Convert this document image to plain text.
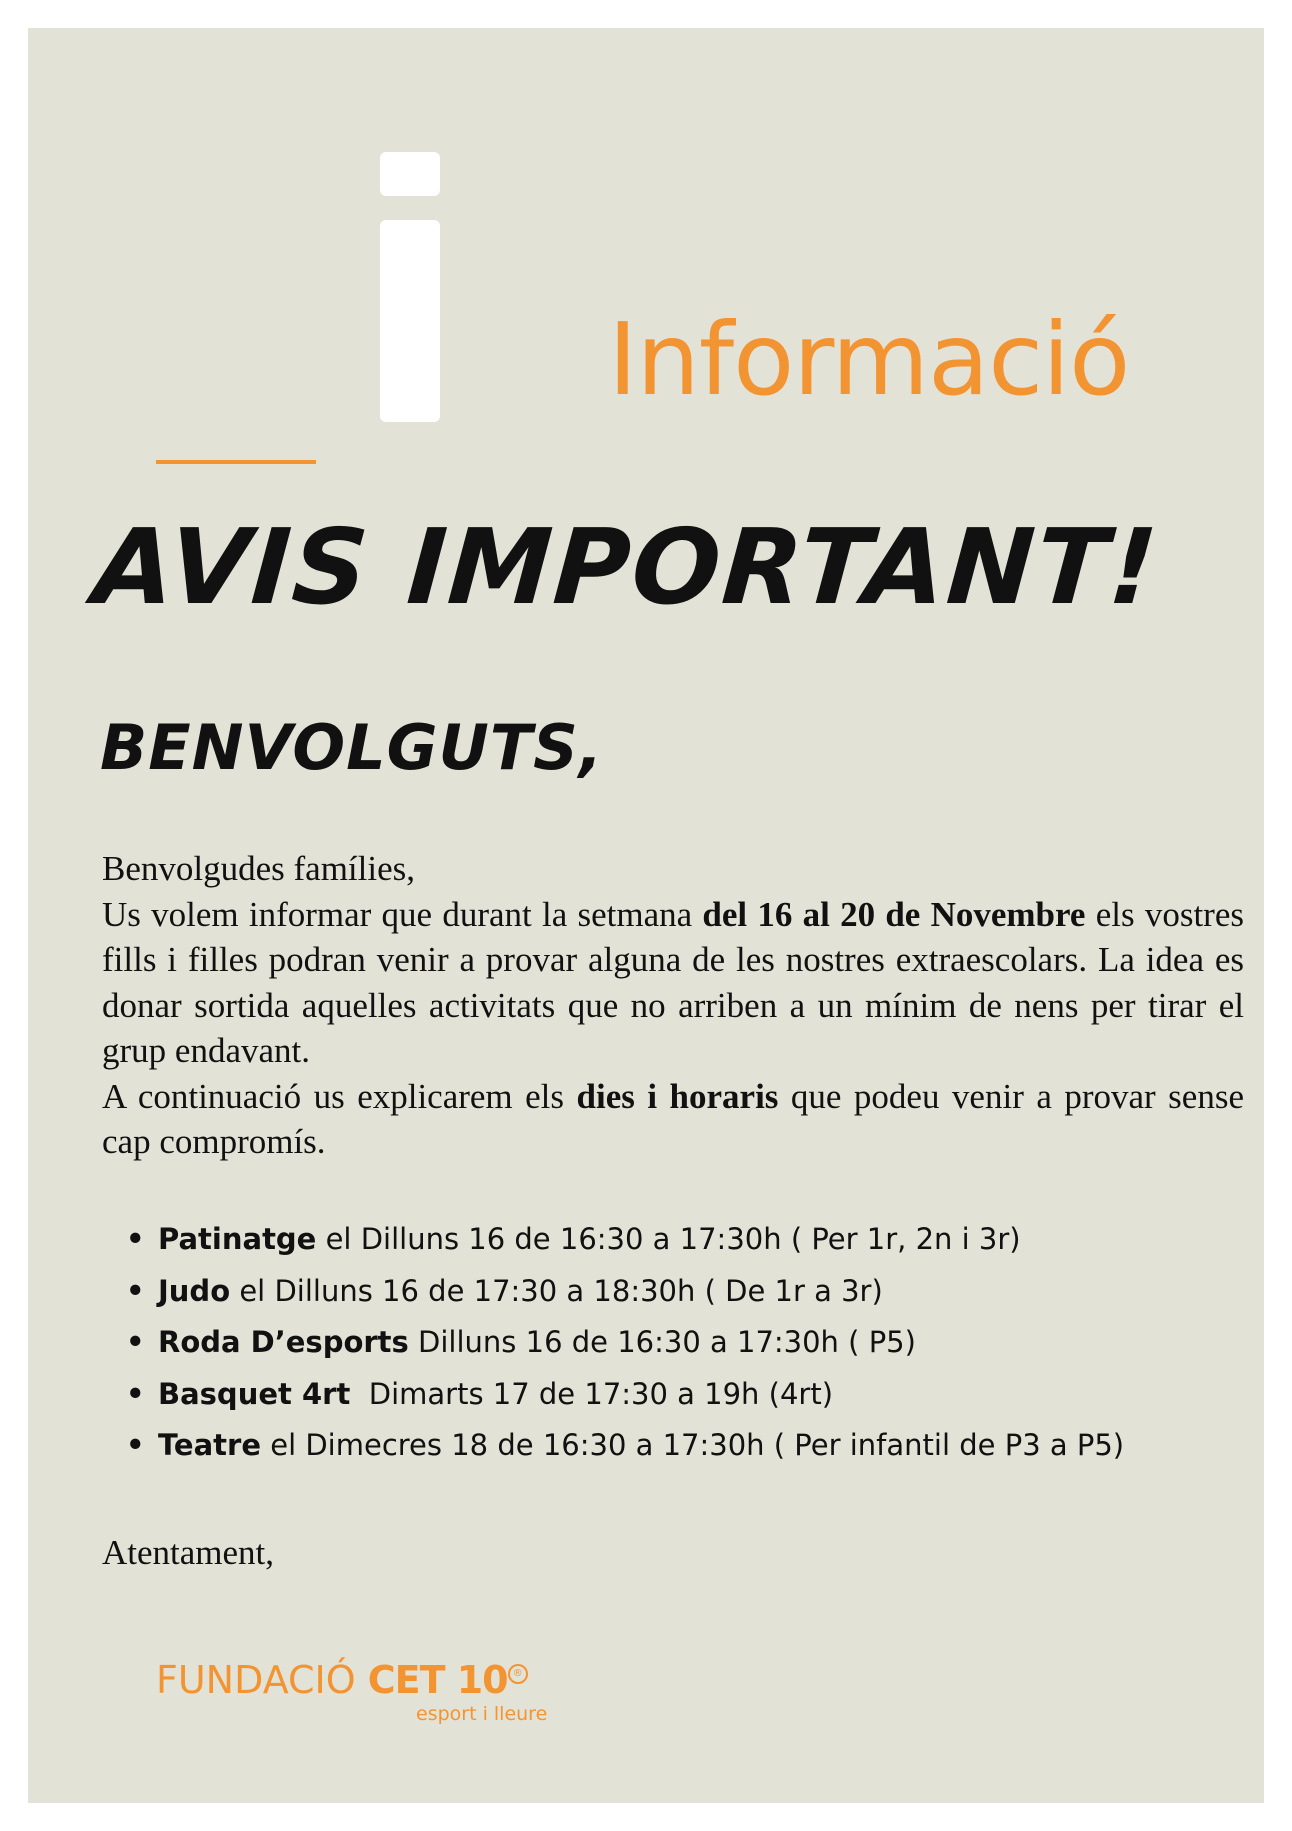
Informació
AVIS IMPORTANT!
BENVOLGUTS,

Benvolgudes famílies,

Us volem informar que durant la setmana del 16 al 20 de Novembre els vostres fills i filles podran venir a provar alguna de les nostres extraescolars. La idea es donar sortida aquelles activitats que no arriben a un mínim de nens per tirar el grup endavant.

A continuació us explicarem els dies i horaris que podeu venir a provar sense cap compromís.

• Patinatge el Dilluns 16 de 16:30 a 17:30h ( Per 1r, 2n i 3r)
• Judo el Dilluns 16 de 17:30 a 18:30h ( De 1r a 3r)
• Roda D’esports Dilluns 16 de 16:30 a 17:30h ( P5)
• Basquet 4rt  Dimarts 17 de 17:30 a 19h (4rt)
• Teatre el Dimecres 18 de 16:30 a 17:30h ( Per infantil de P3 a P5)
Atentament,
FUNDACIÓ CET 10 ®
esport i lleure
